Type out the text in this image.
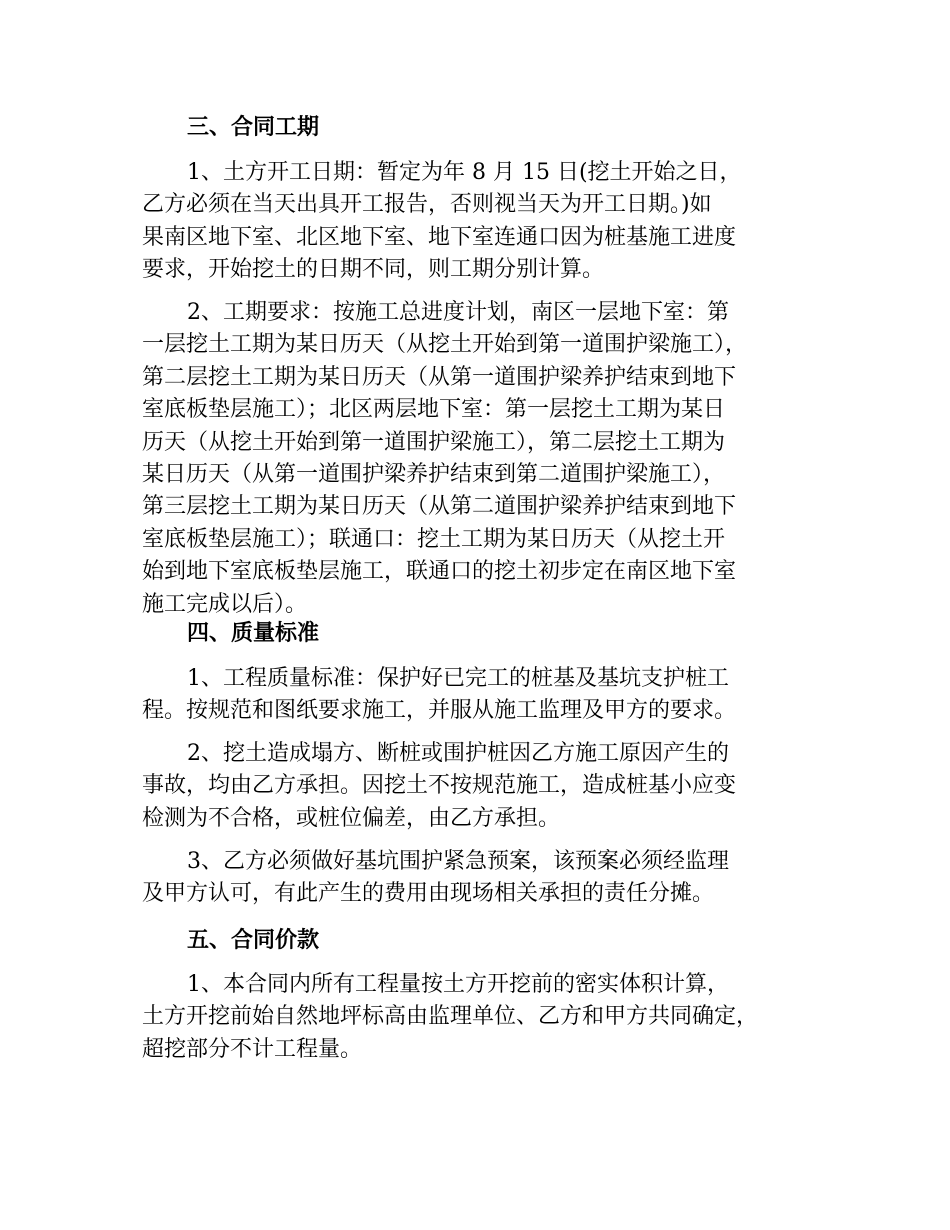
三、合同工期
1、土方开工日期：暂定为年 8 月 15 日(挖土开始之日，
乙方必须在当天出具开工报告，否则视当天为开工日期。)如
果南区地下室、北区地下室、地下室连通口因为桩基施工进度
要求，开始挖土的日期不同，则工期分别计算。
2、工期要求：按施工总进度计划，南区一层地下室：第
一层挖土工期为某日历天（从挖土开始到第一道围护梁施工），
第二层挖土工期为某日历天（从第一道围护梁养护结束到地下
室底板垫层施工）；北区两层地下室：第一层挖土工期为某日
历天（从挖土开始到第一道围护梁施工），第二层挖土工期为
某日历天（从第一道围护梁养护结束到第二道围护梁施工），
第三层挖土工期为某日历天（从第二道围护梁养护结束到地下
室底板垫层施工）；联通口：挖土工期为某日历天（从挖土开
始到地下室底板垫层施工，联通口的挖土初步定在南区地下室
施工完成以后）。
四、质量标准
1、工程质量标准：保护好已完工的桩基及基坑支护桩工
程。按规范和图纸要求施工，并服从施工监理及甲方的要求。
2、挖土造成塌方、断桩或围护桩因乙方施工原因产生的
事故，均由乙方承担。因挖土不按规范施工，造成桩基小应变
检测为不合格，或桩位偏差，由乙方承担。
3、乙方必须做好基坑围护紧急预案，该预案必须经监理
及甲方认可，有此产生的费用由现场相关承担的责任分摊。
五、合同价款
1、本合同内所有工程量按土方开挖前的密实体积计算，
土方开挖前始自然地坪标高由监理单位、乙方和甲方共同确定，
超挖部分不计工程量。
